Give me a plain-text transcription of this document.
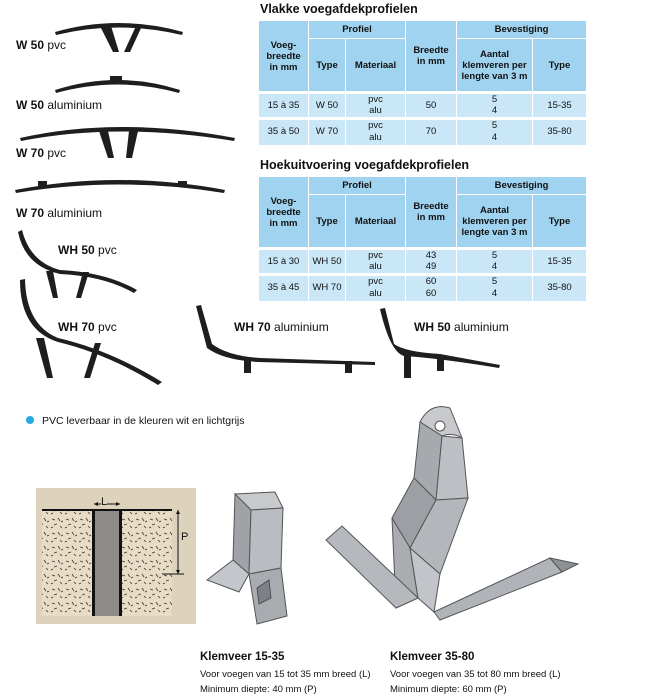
W 50 pvc
W 50 aluminium
W 70 pvc
W 70 aluminium
WH 50 pvc
WH 70 pvc	WH 70 aluminium	WH 50 aluminium
Vlakke voegafdekprofielen
Voeg-breedte in mm	Profiel		Breedte in mm	Bevestiging	
	Type	Materiaal		Aantal klemveren per lengte van 3 m	Type
15 à 35	W 50	pvc	50	5	15-35
		alu		4	
35 à 50	W 70	pvc	70	5	35-80
		alu		4	
Hoekuitvoering voegafdekprofielen
Voeg-breedte in mm	Profiel		Breedte in mm	Bevestiging	
	Type	Materiaal		Aantal klemveren per lengte van 3 m	Type
15 à 30	WH 50	pvc	43	5	15-35
		alu	49	4	
35 à 45	WH 70	pvc	60	5	35-80
		alu	60	4	
PVC leverbaar in de kleuren wit en lichtgrijs
L
P
Klemveer 15-35
Voor voegen van 15 tot 35 mm breed (L)
Minimum diepte: 40 mm (P)
Klemveer 35-80
Voor voegen van 35 tot 80 mm breed (L)
Minimum diepte: 60 mm (P)
